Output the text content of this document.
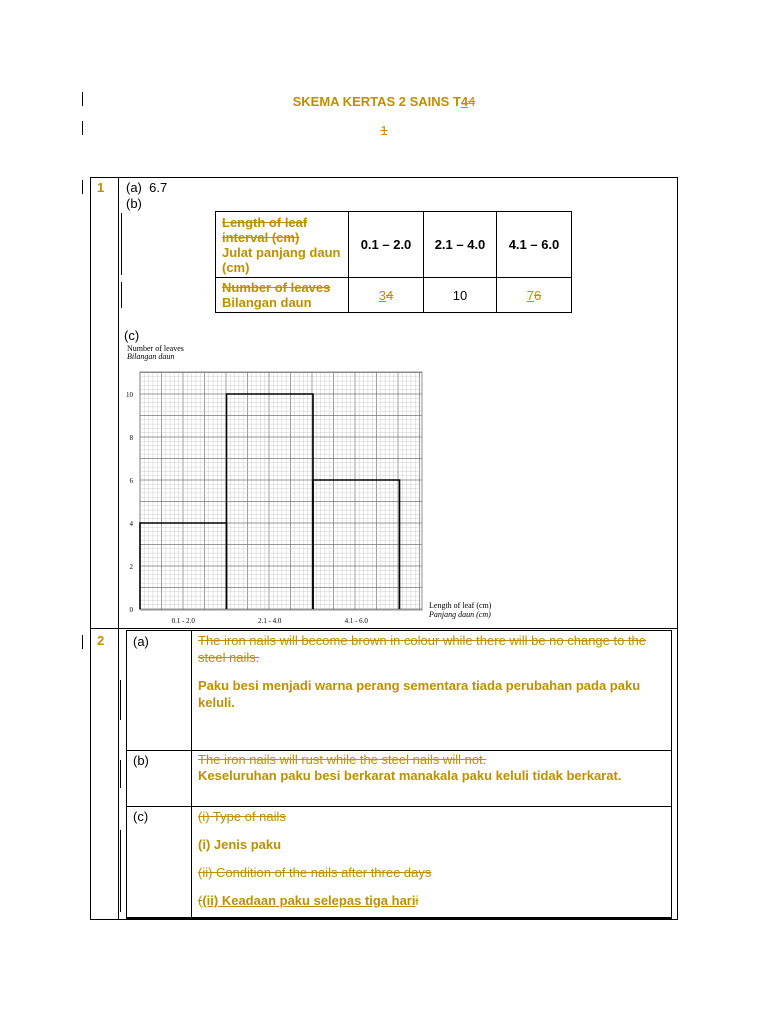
SKEMA KERTAS 2 SAINS T44
1
1 (a) 6.7
(b)
Length of leaf interval (cm)
Julat panjang daun (cm)	0.1 – 2.0	2.1 – 4.0	4.1 – 6.0

Number of leaves
Bilangan daun	34	10	76
(c)
Number of leaves
Bilangan daun
0
2
4
6
8
10
0.1 - 2.0	2.1 - 4.0	4.1 - 6.0
Length of leaf (cm)
Panjang daun (cm)
2 (a)	The iron nails will become brown in colour while there will be no change to the steel nails.
Paku besi menjadi warna perang sementara tiada perubahan pada paku keluli.
(b)	The iron nails will rust while the steel nails will not.
Keseluruhan paku besi berkarat manakala paku keluli tidak berkarat.
(c)	(i) Type of nails
(i) Jenis paku
(ii) Condition of the nails after three days
((ii) Keadaan paku selepas tiga harii
